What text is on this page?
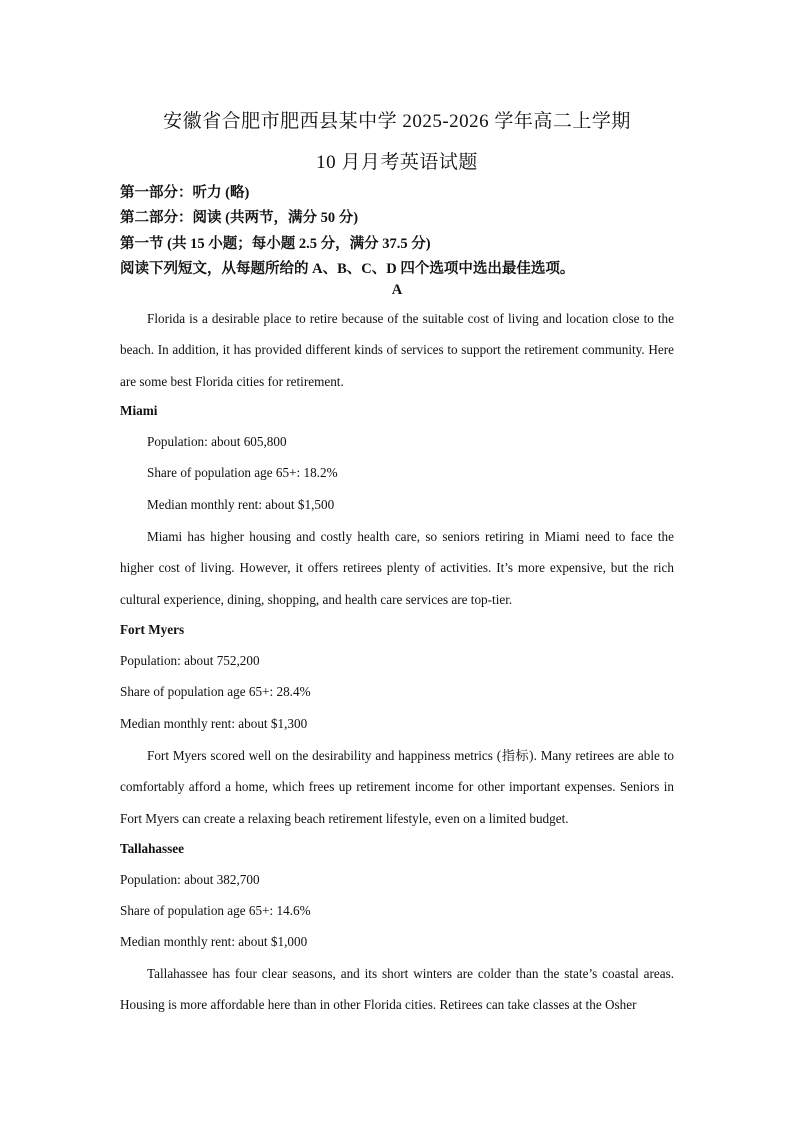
安徽省合肥市肥西县某中学 2025-2026 学年高二上学期
10 月月考英语试题
第一部分：听力 (略)
第二部分：阅读 (共两节，满分 50 分)
第一节 (共 15 小题；每小题 2.5 分，满分 37.5 分)
阅读下列短文，从每题所给的 A、B、C、D 四个选项中选出最佳选项。
A
Florida is a desirable place to retire because of the suitable cost of living and location close to the beach. In addition, it has provided different kinds of services to support the retirement community. Here are some best Florida cities for retirement.
Miami
Population: about 605,800
Share of population age 65+: 18.2%
Median monthly rent: about $1,500
Miami has higher housing and costly health care, so seniors retiring in Miami need to face the higher cost of living. However, it offers retirees plenty of activities. It’s more expensive, but the rich cultural experience, dining, shopping, and health care services are top-tier.
Fort Myers
Population: about 752,200
Share of population age 65+: 28.4%
Median monthly rent: about $1,300
Fort Myers scored well on the desirability and happiness metrics (指标). Many retirees are able to comfortably afford a home, which frees up retirement income for other important expenses. Seniors in Fort Myers can create a relaxing beach retirement lifestyle, even on a limited budget.
Tallahassee
Population: about 382,700
Share of population age 65+: 14.6%
Median monthly rent: about $1,000
Tallahassee has four clear seasons, and its short winters are colder than the state’s coastal areas. Housing is more affordable here than in other Florida cities. Retirees can take classes at the Osher
